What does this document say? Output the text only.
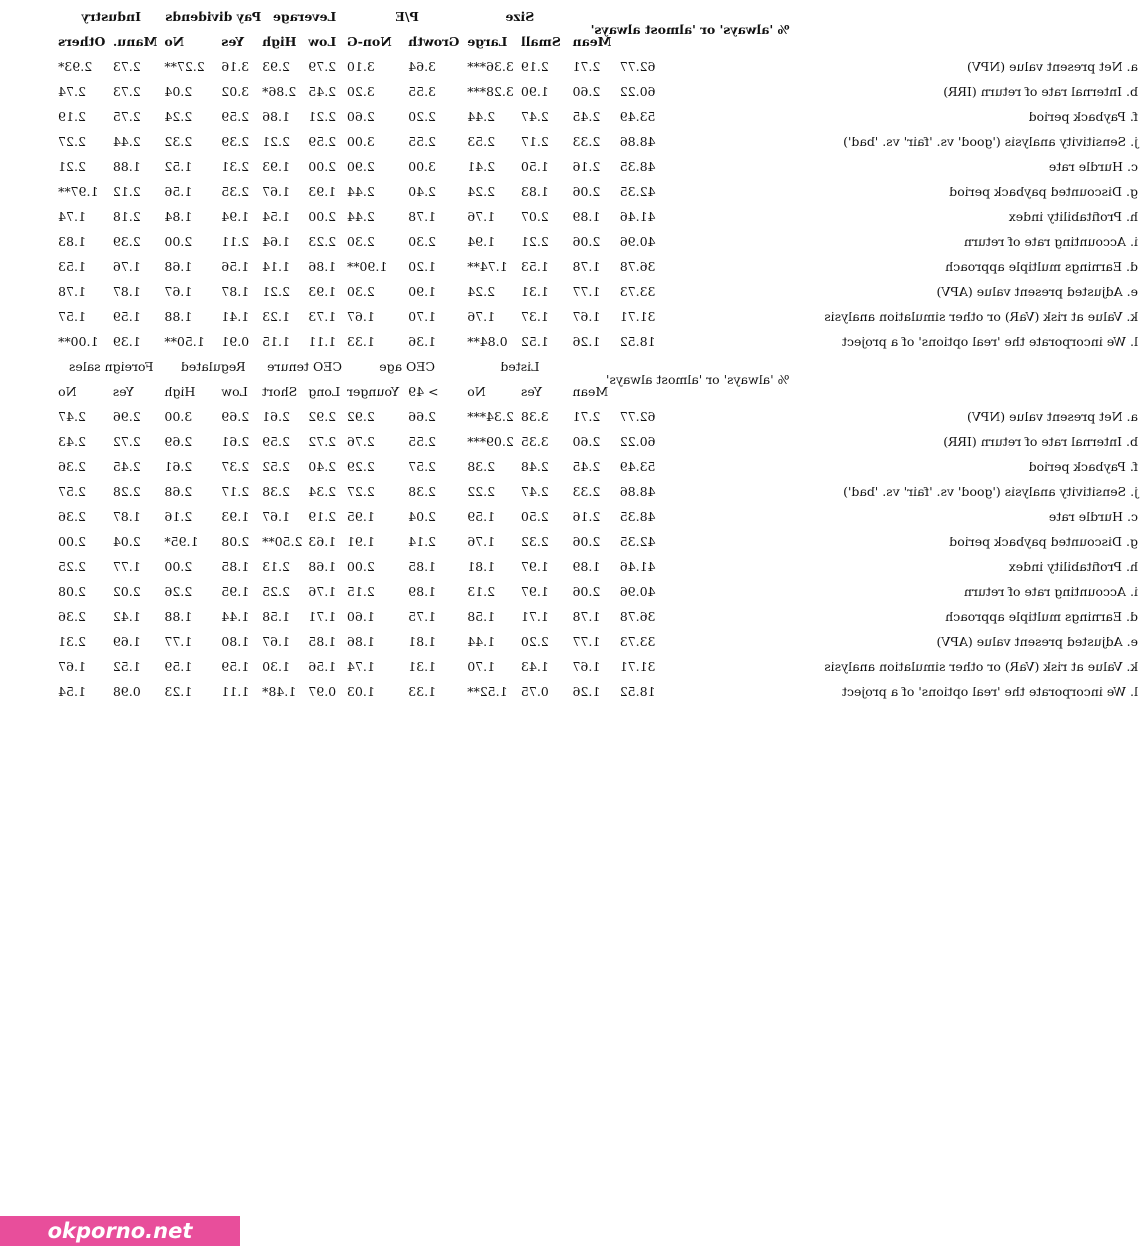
	% 'always' or 'almost always'		Size		P/E		Leverage		Pay dividends		Industry	
		Mean	Small	Large	Growth	Non-G	Low	High	Yes	No	Manu.	Others
a. Net present value (NPV)	62.77	2.71	2.19	3.36***	3.64	3.10	2.79	2.93	3.16	2.27**	2.73	2.93*
b. Internal rate of return (IRR)	60.22	2.60	1.90	3.28***	3.55	3.20	2.45	2.86*	3.02	2.04	2.73	2.74
f. Payback period	53.49	2.45	2.47	2.44	2.20	2.60	2.21	1.86	2.59	2.24	2.75	2.19
j. Sensitivity analysis ('good' vs. 'fair' vs. 'bad')	48.86	2.33	2.17	2.53	2.55	3.00	2.59	2.21	2.39	2.32	2.44	2.27
c. Hurdle rate	48.35	2.16	1.50	2.41	3.00	2.90	2.00	1.93	2.31	1.52	1.88	2.21
g. Discounted payback period	42.35	2.06	1.83	2.24	2.40	2.44	1.93	1.67	2.35	1.56	2.12	1.97**
h. Profitability index	41.46	1.89	2.07	1.76	1.78	2.44	2.00	1.54	1.94	1.84	2.18	1.74
i. Accounting rate of return	40.96	2.06	2.21	1.94	2.30	2.30	2.23	1.64	2.11	2.00	2.39	1.83
d. Earnings multiple approach	36.78	1.78	1.53	1.74**	1.20	1.90**	1.86	1.14	1.56	1.68	1.76	1.53
e. Adjusted present value (APV)	33.73	1.77	1.31	2.24	1.90	2.30	1.93	2.21	1.87	1.67	1.87	1.78
k. Value at risk (VaR) or other simulation analysis	31.71	1.67	1.37	1.76	1.70	1.67	1.73	1.23	1.41	1.88	1.59	1.57
l. We incorporate the 'real options' of a project	18.52	1.26	1.52	0.84**	1.36	1.33	1.11	1.15	0.91	1.50**	1.39	1.00**
	% 'always' or 'almost always'		Listed		CEO age		CEO tenure		Regulated		Foreign sales	
		Mean	Yes	No	> 49	Younger	Long	Short	Low	High	Yes	No
a. Net present value (NPV)	62.77	2.71	3.38	2.34***	2.66	2.92	2.92	2.61	2.69	3.00	2.96	2.47
b. Internal rate of return (IRR)	60.22	2.60	3.35	2.09***	2.55	2.76	2.72	2.59	2.61	2.69	2.72	2.43
f. Payback period	53.49	2.45	2.48	2.38	2.57	2.29	2.40	2.52	2.37	2.61	2.45	2.36
j. Sensitivity analysis ('good' vs. 'fair' vs. 'bad')	48.86	2.33	2.47	2.22	2.38	2.27	2.34	2.38	2.17	2.68	2.28	2.57
c. Hurdle rate	48.35	2.16	2.50	1.59	2.04	1.95	2.19	1.67	1.93	2.16	1.87	2.36
g. Discounted payback period	42.35	2.06	2.32	1.76	2.14	1.91	1.63	2.50**	2.08	1.95*	2.04	2.00
h. Profitability index	41.46	1.89	1.97	1.81	1.85	2.00	1.68	2.13	1.85	2.00	1.77	2.25
i. Accounting rate of return	40.96	2.06	1.97	2.13	1.89	2.15	1.76	2.25	1.95	2.26	2.02	2.08
d. Earnings multiple approach	36.78	1.78	1.71	1.58	1.75	1.60	1.71	1.58	1.44	1.88	1.42	2.36
e. Adjusted present value (APV)	33.73	1.77	2.20	1.44	1.81	1.86	1.85	1.67	1.80	1.77	1.69	2.31
k. Value at risk (VaR) or other simulation analysis	31.71	1.67	1.43	1.70	1.31	1.74	1.56	1.30	1.59	1.59	1.52	1.67
l. We incorporate the 'real options' of a project	18.52	1.26	0.75	1.52**	1.33	1.03	0.97	1.48*	1.11	1.23	0.98	1.54
okporno.net
